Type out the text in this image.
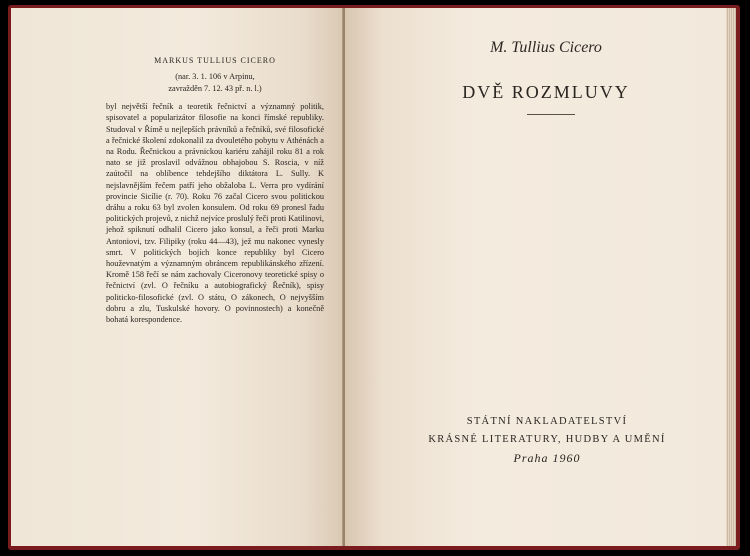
MARKUS TULLIUS CICERO
(nar. 3. 1. 106 v Arpinu,
zavražděn 7. 12. 43 př. n. l.)
byl největší řečník a teoretik řečnictví a významný politik, spisovatel a popularizátor filosofie na konci římské republiky. Studoval v Římě u nejlepších právníků a řečníků, své filosofické a řečnické školení zdokonalil za dvouletého pobytu v Athénách a na Rodu. Řečnickou a právnickou kariéru zahájil roku 81 a rok nato se již proslavil odvážnou obhajobou S. Roscia, v níž zaútočil na oblíbence tehdejšího diktátora L. Sully. K nejslavnějším řečem patří jeho obžaloba L. Verra pro vydírání provincie Sicílie (r. 70). Roku 76 začal Cicero svou politickou dráhu a roku 63 byl zvolen konsulem. Od roku 69 pronesl řadu politických projevů, z nichž nejvíce proslulý řeči proti Katilinovi, jehož spiknutí odhalil Cicero jako konsul, a řeči proti Marku Antoniovi, tzv. Filipiky (roku 44—43), jež mu nakonec vynesly smrt. V politických bojích konce republiky byl Cicero houževnatým a významným obráncem republikánského zřízení. Kromě 158 řečí se nám zachovaly Ciceronovy teoretické spisy o řečnictví (zvl. O řečníku a autobiografický Řečník), spisy politicko-filosofické (zvl. O státu, O zákonech, O nejvyšším dobru a zlu, Tuskulské hovory. O povinnostech) a konečně bohatá korespondence.
M. Tullius Cicero
DVĚ ROZMLUVY
STÁTNÍ NAKLADATELSTVÍ
KRÁSNÉ LITERATURY, HUDBY A UMĚNÍ
Praha 1960
